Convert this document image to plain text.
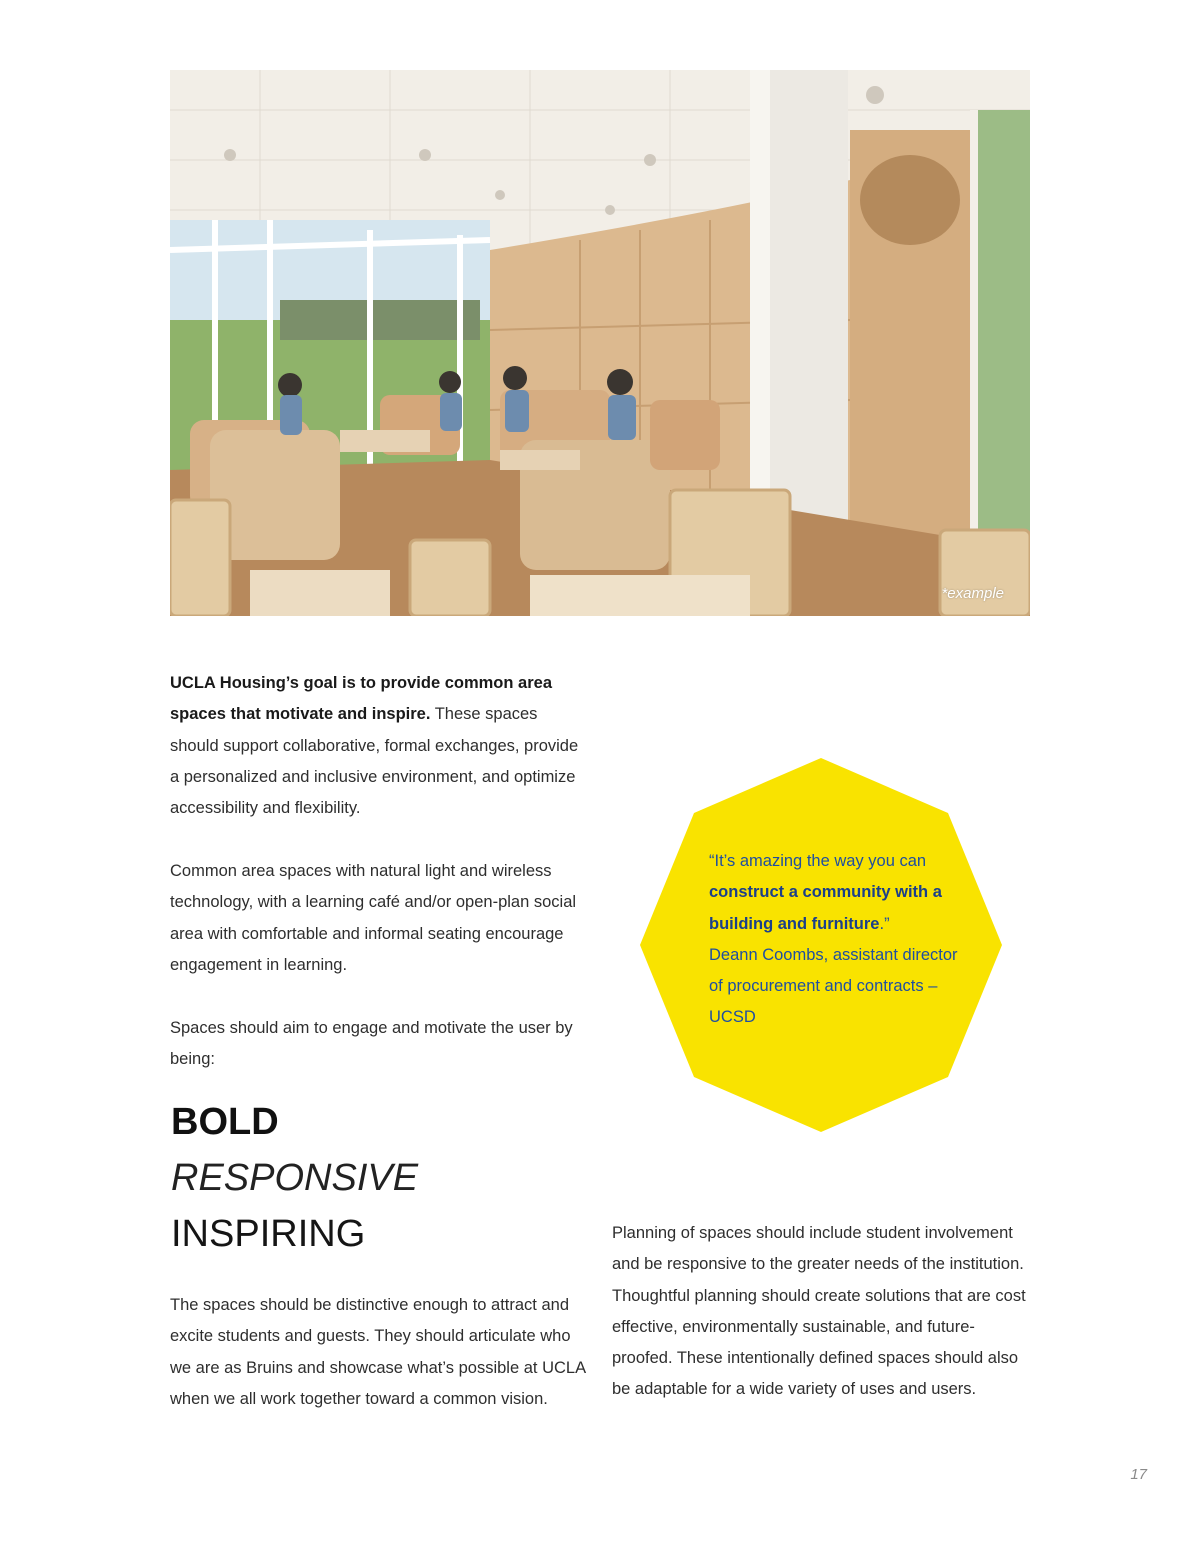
*example

UCLA Housing’s goal is to provide common area spaces that motivate and inspire. These spaces should support collaborative, formal exchanges, provide a personalized and inclusive environment, and optimize accessibility and flexibility.

Common area spaces with natural light and wireless technology, with a learning café and/or open-plan social area with comfortable and informal seating encourage engagement in learning.

Spaces should aim to engage and motivate the user by being:

BOLD
RESPONSIVE
INSPIRING

The spaces should be distinctive enough to attract and excite students and guests. They should articulate who we are as Bruins and showcase what’s possible at UCLA when we all work together toward a common vision.

Planning of spaces should include student involvement and be responsive to the greater needs of the institution. Thoughtful planning should create solutions that are cost effective, environmentally sustainable, and future-proofed. These intentionally defined spaces should also be adaptable for a wide variety of uses and users.

“It’s amazing the way you can construct a community with a building and furniture.”
Deann Coombs, assistant director of procurement and contracts – UCSD

17
